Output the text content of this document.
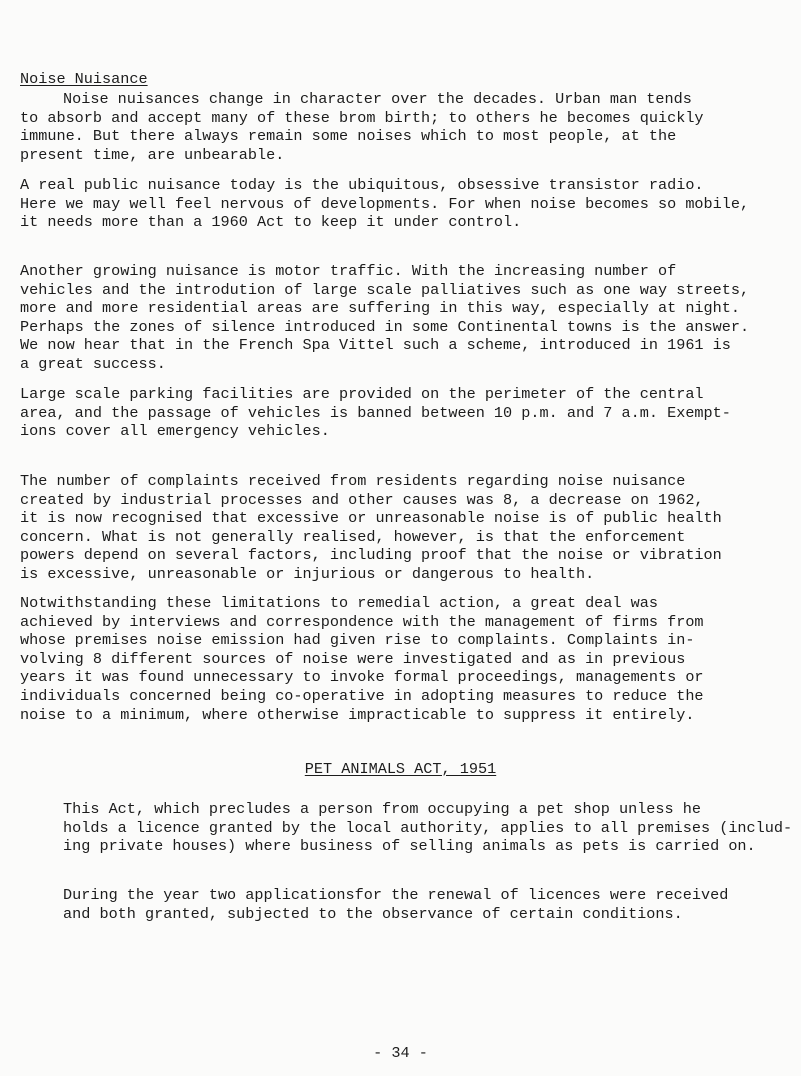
Noise Nuisance
Noise nuisances change in character over the decades. Urban man tends
to absorb and accept many of these brom birth; to others he becomes quickly
immune. But there always remain some noises which to most people, at the
present time, are unbearable.
A real public nuisance today is the ubiquitous, obsessive transistor radio.
Here we may well feel nervous of developments. For when noise becomes so mobile,
it needs more than a 1960 Act to keep it under control.
Another growing nuisance is motor traffic. With the increasing number of
vehicles and the introdution of large scale palliatives such as one way streets,
more and more residential areas are suffering in this way, especially at night.
Perhaps the zones of silence introduced in some Continental towns is the answer.
We now hear that in the French Spa Vittel such a scheme, introduced in 1961 is
a great success.
Large scale parking facilities are provided on the perimeter of the central
area, and the passage of vehicles is banned between 10 p.m. and 7 a.m. Exempt-
ions cover all emergency vehicles.
The number of complaints received from residents regarding noise nuisance
created by industrial processes and other causes was 8, a decrease on 1962,
it is now recognised that excessive or unreasonable noise is of public health
concern. What is not generally realised, however, is that the enforcement
powers depend on several factors, including proof that the noise or vibration
is excessive, unreasonable or injurious or dangerous to health.
Notwithstanding these limitations to remedial action, a great deal was
achieved by interviews and correspondence with the management of firms from
whose premises noise emission had given rise to complaints. Complaints in-
volving 8 different sources of noise were investigated and as in previous
years it was found unnecessary to invoke formal proceedings, managements or
individuals concerned being co-operative in adopting measures to reduce the
noise to a minimum, where otherwise impracticable to suppress it entirely.
PET ANIMALS ACT, 1951
This Act, which precludes a person from occupying a pet shop unless he
holds a licence granted by the local authority, applies to all premises (includ-
ing private houses) where business of selling animals as pets is carried on.
During the year two applicationsfor the renewal of licences were received
and both granted, subjected to the observance of certain conditions.
- 34 -
